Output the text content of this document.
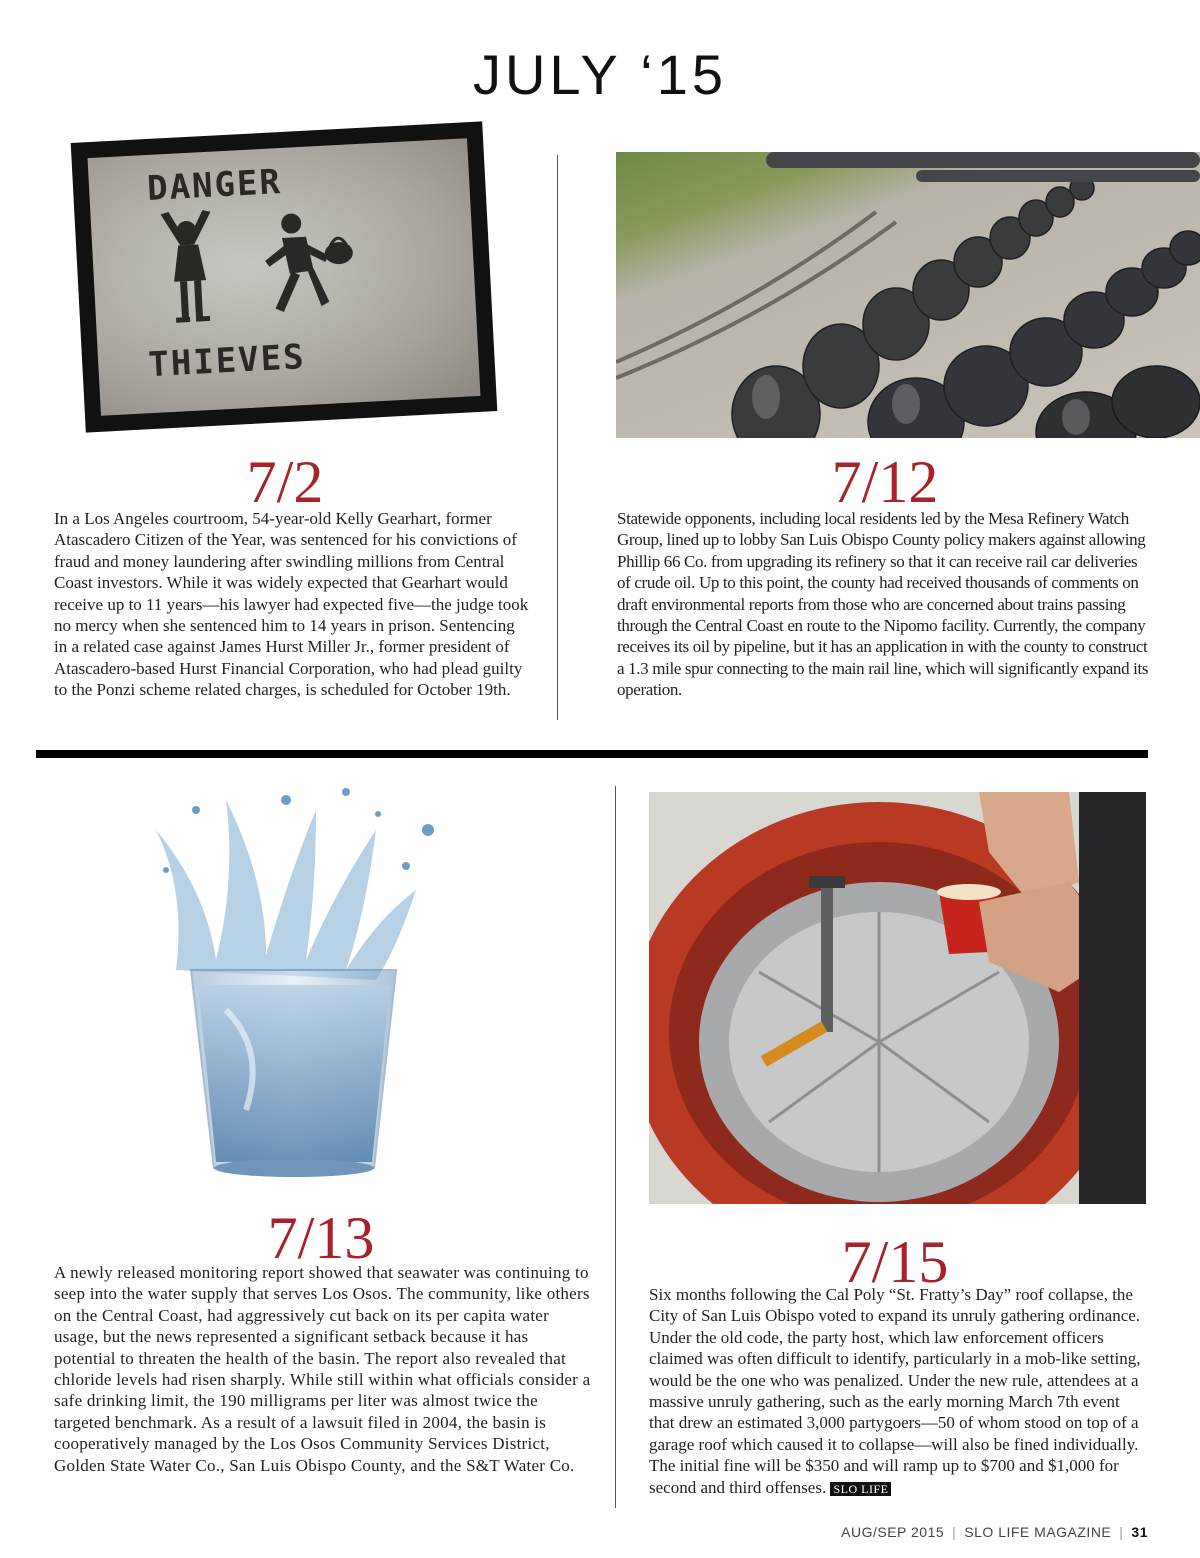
JULY ‘15
DANGER
THIEVES
7/2

In a Los Angeles courtroom, 54-year-old Kelly Gearhart, former Atascadero Citizen of the Year, was sentenced for his convictions of fraud and money laundering after swindling millions from Central Coast investors. While it was widely expected that Gearhart would receive up to 11 years—his lawyer had expected five—the judge took no mercy when she sentenced him to 14 years in prison. Sentencing in a related case against James Hurst Miller Jr., former president of Atascadero-based Hurst Financial Corporation, who had plead guilty to the Ponzi scheme related charges, is scheduled for October 19th.

7/12

Statewide opponents, including local residents led by the Mesa Refinery Watch Group, lined up to lobby San Luis Obispo County policy makers against allowing Phillip 66 Co. from upgrading its refinery so that it can receive rail car deliveries of crude oil. Up to this point, the county had received thousands of comments on draft environmental reports from those who are concerned about trains passing through the Central Coast en route to the Nipomo facility. Currently, the company receives its oil by pipeline, but it has an application in with the county to construct a 1.3 mile spur connecting to the main rail line, which will significantly expand its operation.

7/13

A newly released monitoring report showed that seawater was continuing to seep into the water supply that serves Los Osos. The community, like others on the Central Coast, had aggressively cut back on its per capita water usage, but the news represented a significant setback because it has potential to threaten the health of the basin. The report also revealed that chloride levels had risen sharply. While still within what officials consider a safe drinking limit, the 190 milligrams per liter was almost twice the targeted benchmark. As a result of a lawsuit filed in 2004, the basin is cooperatively managed by the Los Osos Community Services District, Golden State Water Co., San Luis Obispo County, and the S&T Water Co.

7/15

Six months following the Cal Poly “St. Fratty’s Day” roof collapse, the City of San Luis Obispo voted to expand its unruly gathering ordinance. Under the old code, the party host, which law enforcement officers claimed was often difficult to identify, particularly in a mob-like setting, would be the one who was penalized. Under the new rule, attendees at a massive unruly gathering, such as the early morning March 7th event that drew an estimated 3,000 partygoers—50 of whom stood on top of a garage roof which caused it to collapse—will also be fined individually. The initial fine will be $350 and will ramp up to $700 and $1,000 for second and third offenses. SLO LIFE

AUG/SEP 2015 | SLO LIFE MAGAZINE | 31
